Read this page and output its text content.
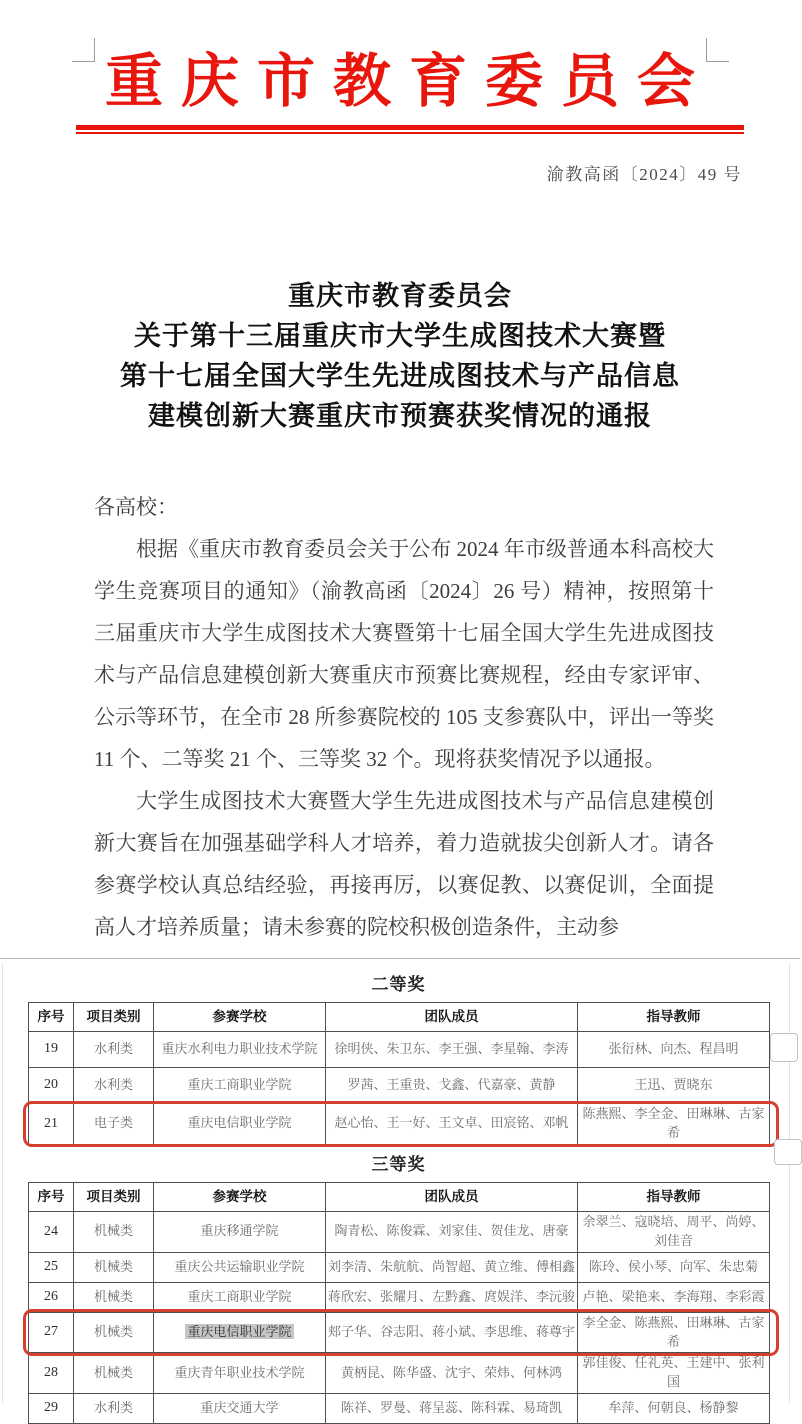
重庆市教育委员会
渝教高函〔2024〕49 号
重庆市教育委员会
关于第十三届重庆市大学生成图技术大赛暨
第十七届全国大学生先进成图技术与产品信息
建模创新大赛重庆市预赛获奖情况的通报

各高校：

根据《重庆市教育委员会关于公布 2024 年市级普通本科高校大学生竞赛项目的通知》（渝教高函〔2024〕26 号）精神，按照第十三届重庆市大学生成图技术大赛暨第十七届全国大学生先进成图技术与产品信息建模创新大赛重庆市预赛比赛规程，经由专家评审、公示等环节，在全市 28 所参赛院校的 105 支参赛队中，评出一等奖 11 个、二等奖 21 个、三等奖 32 个。现将获奖情况予以通报。

大学生成图技术大赛暨大学生先进成图技术与产品信息建模创新大赛旨在加强基础学科人才培养，着力造就拔尖创新人才。请各参赛学校认真总结经验，再接再厉，以赛促教、以赛促训，全面提高人才培养质量；请未参赛的院校积极创造条件，主动参

二等奖
序号	项目类别	参赛学校	团队成员	指导教师
19	水利类	重庆水利电力职业技术学院	徐明侠、朱卫东、李王强、李星翰、李涛	张衍林、向杰、程昌明
20	水利类	重庆工商职业学院	罗茜、王重贵、戈鑫、代嘉豪、黄静	王迅、贾晓东
21	电子类	重庆电信职业学院	赵心怡、王一好、王文卓、田宸铭、邓帆	陈燕熙、李全金、田琳琳、古家希	
三等奖
序号	项目类别	参赛学校	团队成员	指导教师
24	机械类	重庆移通学院	陶青松、陈俊霖、刘家佳、贺佳龙、唐豪	余翠兰、寇晓培、周平、尚婷、刘佳音
25	机械类	重庆公共运输职业学院	刘李清、朱航航、尚智超、黄立维、傅相鑫	陈玲、侯小琴、向军、朱忠菊
26	机械类	重庆工商职业学院	蒋欣宏、张耀月、左黔鑫、庹娱洋、李沅骏	卢艳、梁艳来、李海翔、李彩霞
27	机械类	重庆电信职业学院	郏子华、谷志阳、蒋小斌、李思维、蒋尊宇	李全金、陈燕熙、田琳琳、古家希	
28	机械类	重庆青年职业技术学院	黄柄昆、陈华盛、沈宇、荣炜、何林鸿	郭佳俊、任礼英、王建中、张利国
29	水利类	重庆交通大学	陈祥、罗曼、蒋呈蕊、陈科霖、易琦凯	牟萍、何朝良、杨静黎
